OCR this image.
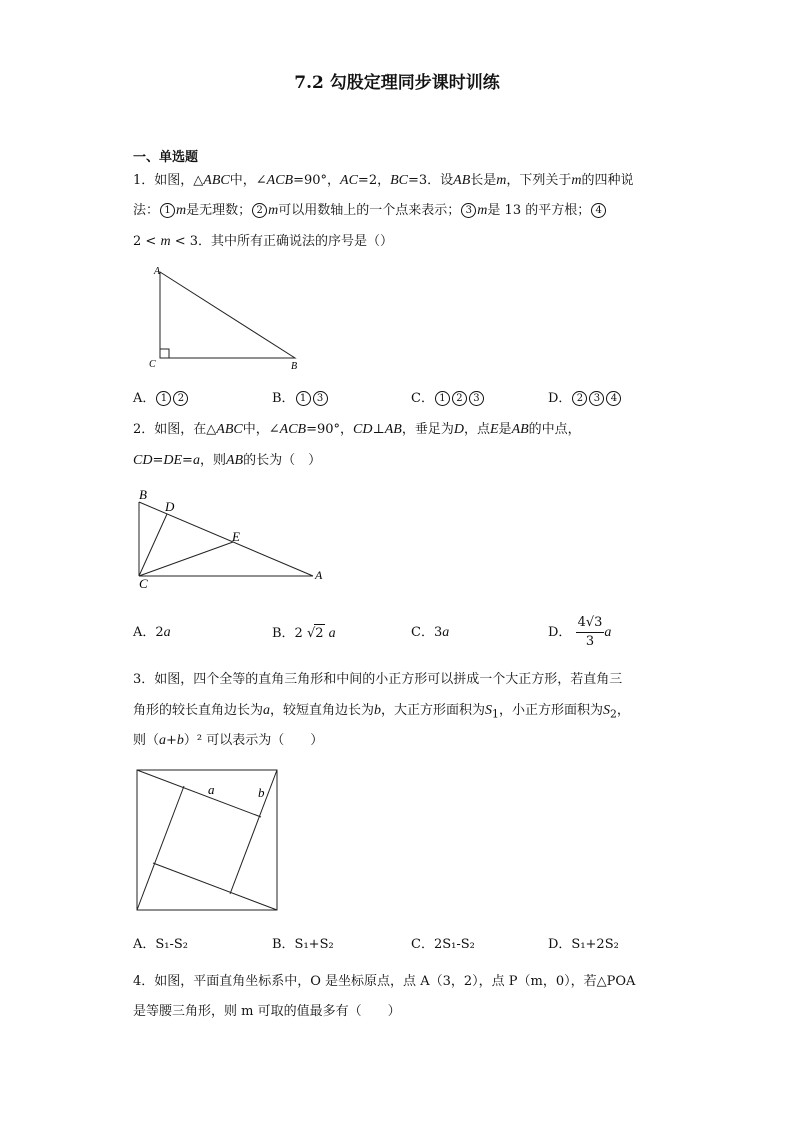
7.2 勾股定理同步课时训练
一、单选题
1．如图，△ABC中，∠ACB=90°，AC=2，BC=3．设AB长是m，下列关于m的四种说
法： 1 m是无理数； 2 m可以用数轴上的一个点来表示； 3 m是 13 的平方根； 4
2 < m < 3．其中所有正确说法的序号是（）
A
C	B
A． 1 2	B． 1 3	C． 1 2 3	D． 2 3 4
2．如图，在△ABC中，∠ACB=90°，CD⊥AB，垂足为D，点E是AB的中点，
CD=DE=a，则AB的长为（　）
B
D
E
C
A
A．2a	B．2 √2 a	C．3a	D． $\frac{4√3}{3}$ a
3．如图，四个全等的直角三角形和中间的小正方形可以拼成一个大正方形，若直角三
角形的较长直角边长为a，较短直角边长为b，大正方形面积为$S_1$，小正方形面积为$S_2$，
则（a+b）² 可以表示为（　　）
a	b
A．S₁-S₂	B．S₁+S₂	C．2S₁-S₂	D．S₁+2S₂
4．如图，平面直角坐标系中，O 是坐标原点，点 A（3，2），点 P（m，0），若△POA
是等腰三角形，则 m 可取的值最多有（　　）
